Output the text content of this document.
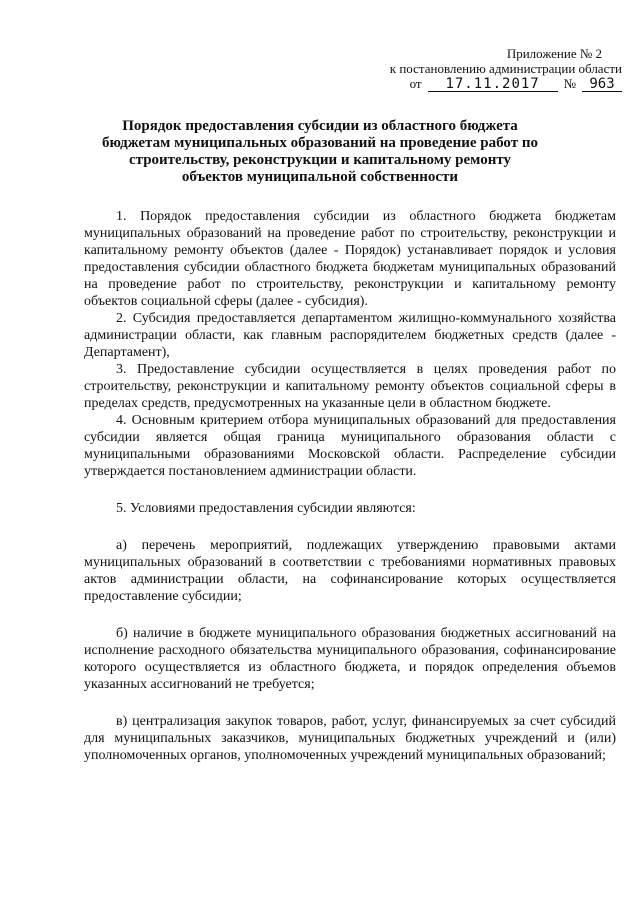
Приложение № 2
к постановлению администрации области
от	17.11.2017	№ 963
Порядок предоставления субсидии из областного бюджета бюджетам муниципальных образований на проведение работ по строительству, реконструкции и капитальному ремонту объектов муниципальной собственности

1. Порядок предоставления субсидии из областного бюджета бюджетам муниципальных образований на проведение работ по строительству, реконструкции и капитальному ремонту объектов (далее - Порядок) устанавливает порядок и условия предоставления субсидии областного бюджета бюджетам муниципальных образований на проведение работ по строительству, реконструкции и капитальному ремонту объектов социальной сферы (далее - субсидия).

2. Субсидия предоставляется департаментом жилищно-коммунального хозяйства администрации области, как главным распорядителем бюджетных средств (далее - Департамент),

3. Предоставление субсидии осуществляется в целях проведения работ по строительству, реконструкции и капитальному ремонту объектов социальной сферы в пределах средств, предусмотренных на указанные цели в областном бюджете.

4. Основным критерием отбора муниципальных образований для предоставления субсидии является общая граница муниципального образования области с муниципальными образованиями Московской области. Распределение субсидии утверждается постановлением администрации области.

5. Условиями предоставления субсидии являются:

а) перечень мероприятий, подлежащих утверждению правовыми актами муниципальных образований в соответствии с требованиями нормативных правовых актов администрации области, на софинансирование которых осуществляется предоставление субсидии;

б) наличие в бюджете муниципального образования бюджетных ассигнований на исполнение расходного обязательства муниципального образования, софинансирование которого осуществляется из областного бюджета, и порядок определения объемов указанных ассигнований не требуется;

в) централизация закупок товаров, работ, услуг, финансируемых за счет субсидий для муниципальных заказчиков, муниципальных бюджетных учреждений и (или) уполномоченных органов, уполномоченных учреждений муниципальных образований;
